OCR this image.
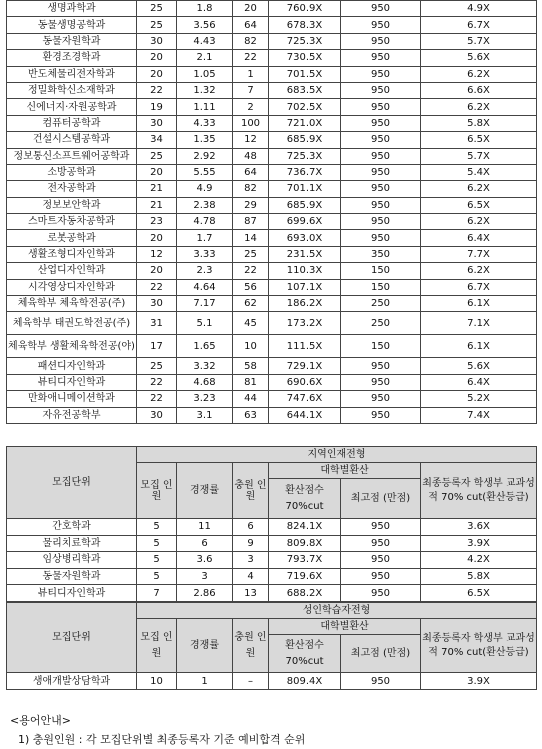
생명과학과	25	1.8	20	760.9X	950	4.9X
동물생명공학과	25	3.56	64	678.3X	950	6.7X
동물자원학과	30	4.43	82	725.3X	950	5.7X
환경조경학과	20	2.1	22	730.5X	950	5.6X
반도체물리전자학과	20	1.05	1	701.5X	950	6.2X
정밀화학신소재학과	22	1.32	7	683.5X	950	6.6X
신에너지·자원공학과	19	1.11	2	702.5X	950	6.2X
컴퓨터공학과	30	4.33	100	721.0X	950	5.8X
건설시스템공학과	34	1.35	12	685.9X	950	6.5X
정보통신소프트웨어공학과	25	2.92	48	725.3X	950	5.7X
소방공학과	20	5.55	64	736.7X	950	5.4X
전자공학과	21	4.9	82	701.1X	950	6.2X
정보보안학과	21	2.38	29	685.9X	950	6.5X
스마트자동차공학과	23	4.78	87	699.6X	950	6.2X
로봇공학과	20	1.7	14	693.0X	950	6.4X
생활조형디자인학과	12	3.33	25	231.5X	350	7.7X
산업디자인학과	20	2.3	22	110.3X	150	6.2X
시각영상디자인학과	22	4.64	56	107.1X	150	6.7X
체육학부 체육학전공(주)	30	7.17	62	186.2X	250	6.1X
체육학부 태권도학전공(주)	31	5.1	45	173.2X	250	7.1X
체육학부 생활체육학전공(야)	17	1.65	10	111.5X	150	6.1X
패션디자인학과	25	3.32	58	729.1X	950	5.6X
뷰티디자인학과	22	4.68	81	690.6X	950	6.4X
만화애니메이션학과	22	3.23	44	747.6X	950	5.2X
자유전공학부	30	3.1	63	644.1X	950	7.4X
모집단위	지역인재전형					
	모집 인원	경쟁률	충원 인원	대학별환산		최종등록자 학생부 교과성적 70% cut(환산등급)
				환산점수 70%cut	최고점 (만점)	

간호학과	5	11	6	824.1X	950	3.6X
물리치료학과	5	6	9	809.8X	950	3.9X
임상병리학과	5	3.6	3	793.7X	950	4.2X
동물자원학과	5	3	4	719.6X	950	5.8X
뷰티디자인학과	7	2.86	13	688.2X	950	6.5X
모집단위	성인학습자전형					
	모집 인원	경쟁률	충원 인원	대학별환산		최종등록자 학생부 교과성적 70% cut(환산등급)
				환산점수 70%cut	최고점 (만점)	

생애개발상담학과	10	1	–	809.4X	950	3.9X
<용어안내>
1) 충원인원 : 각 모집단위별 최종등록자 기준 예비합격 순위
